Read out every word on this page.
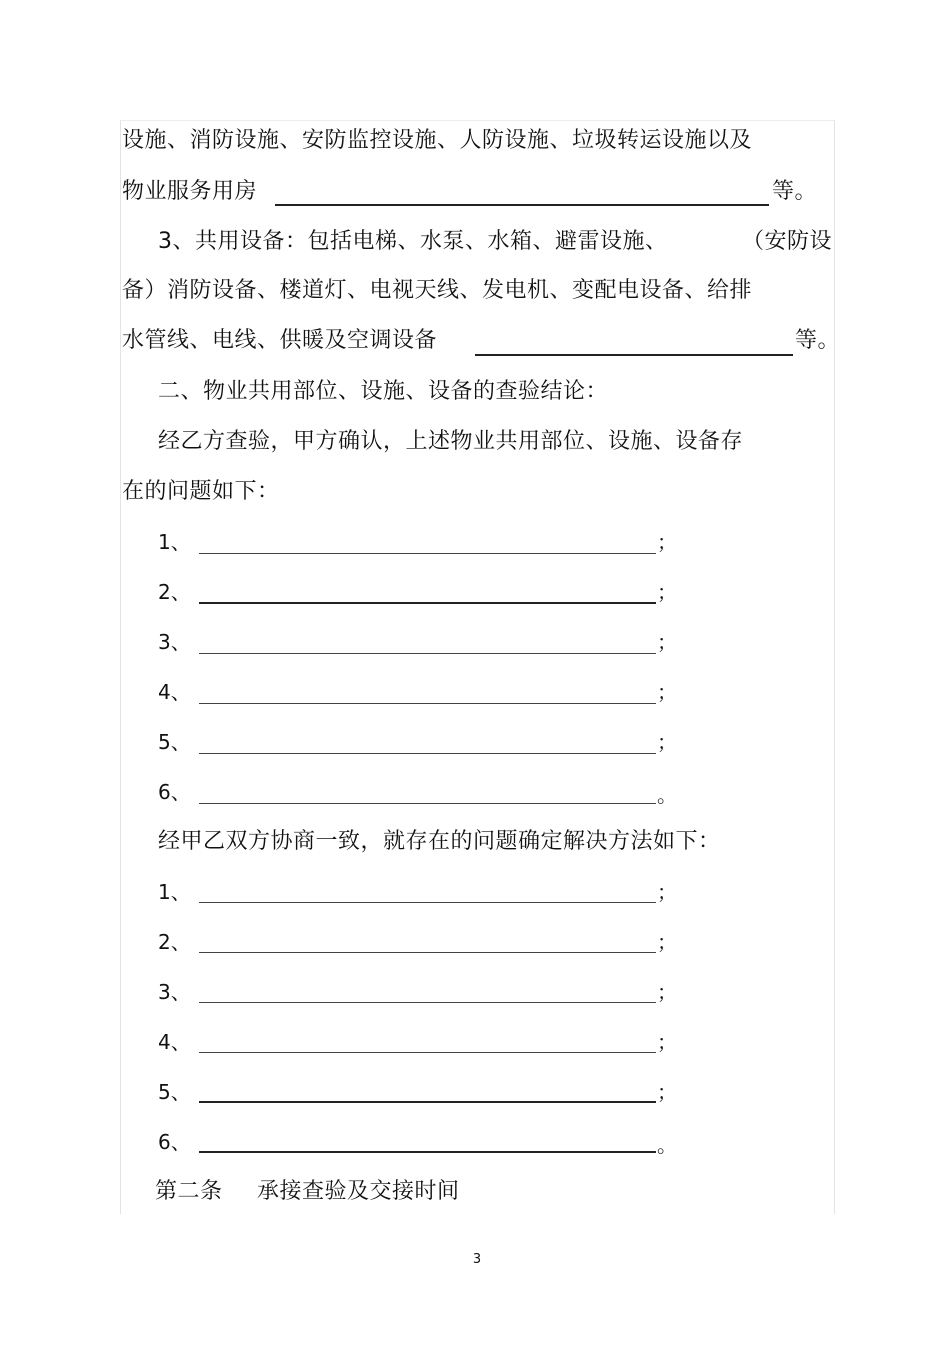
设施、消防设施、安防监控设施、人防设施、垃圾转运设施以及
物业服务用房	等。
3、共用设备：包括电梯、水泵、水箱、避雷设施、	（安防设
备）消防设备、楼道灯、电视天线、发电机、变配电设备、给排
水管线、电线、供暖及空调设备	等。
二、物业共用部位、设施、设备的查验结论：
经乙方查验，甲方确认，上述物业共用部位、设施、设备存
在的问题如下：
1、	；
2、	；
3、	；
4、	；
5、	；
6、	。
经甲乙双方协商一致，就存在的问题确定解决方法如下：
1、	；
2、	；
3、	；
4、	；
5、	；
6、	。
第二条 承接查验及交接时间
3
